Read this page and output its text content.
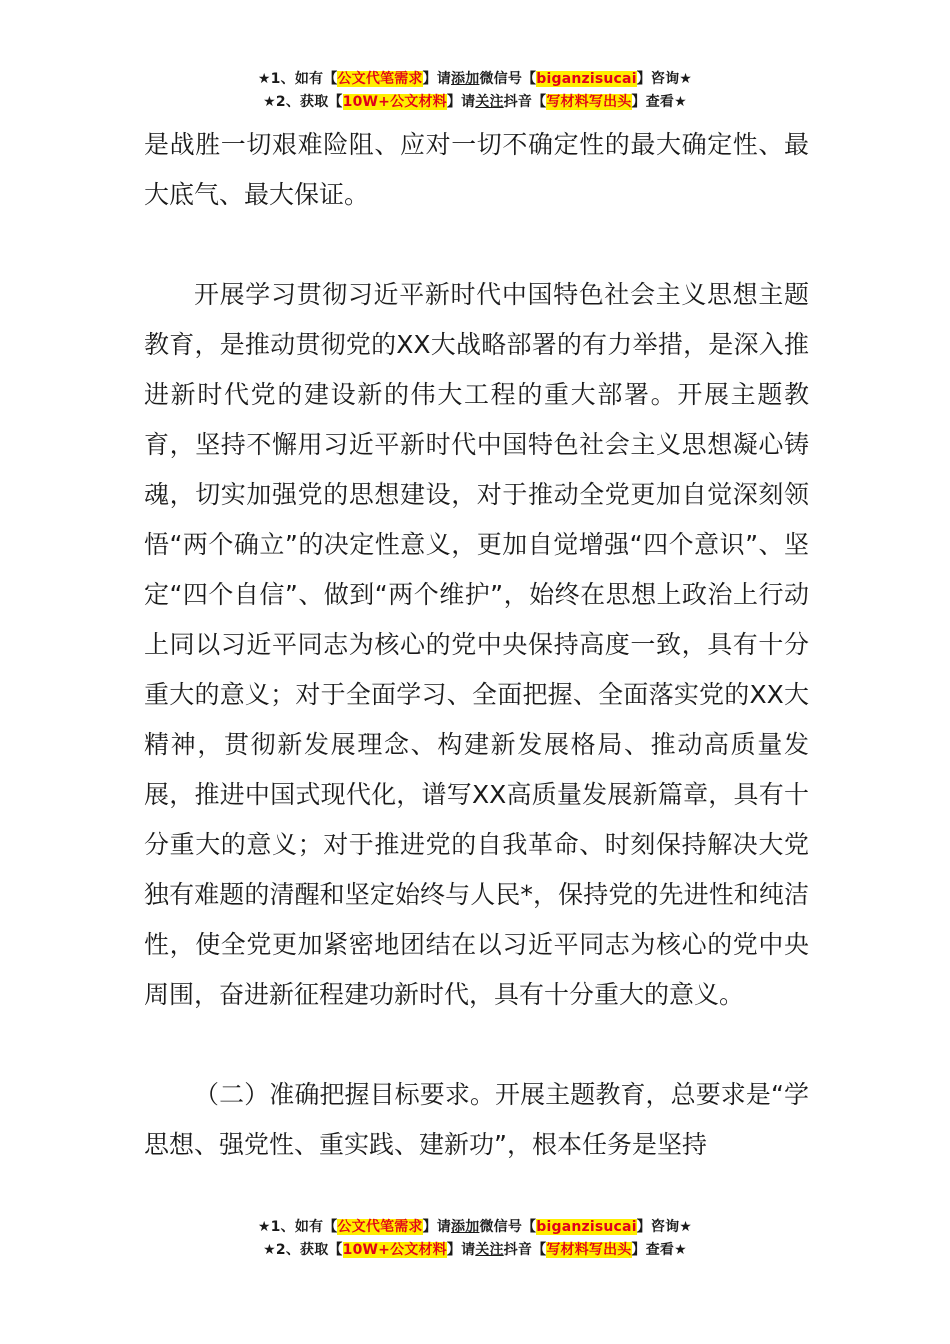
★1、如有【公文代笔需求】请添加微信号【biganzisucai】咨询★
★2、获取【10W+公文材料】请关注抖音【写材料写出头】查看★

是战胜一切艰难险阻、应对一切不确定性的最大确定性、最大底气、最大保证。

开展学习贯彻习近平新时代中国特色社会主义思想主题教育，是推动贯彻党的XX大战略部署的有力举措，是深入推进新时代党的建设新的伟大工程的重大部署。开展主题教育，坚持不懈用习近平新时代中国特色社会主义思想凝心铸魂，切实加强党的思想建设，对于推动全党更加自觉深刻领悟“两个确立”的决定性意义，更加自觉增强“四个意识”、坚定“四个自信”、做到“两个维护”，始终在思想上政治上行动上同以习近平同志为核心的党中央保持高度一致，具有十分重大的意义；对于全面学习、全面把握、全面落实党的XX大精神，贯彻新发展理念、构建新发展格局、推动高质量发展，推进中国式现代化，谱写XX高质量发展新篇章，具有十分重大的意义；对于推进党的自我革命、时刻保持解决大党独有难题的清醒和坚定始终与人民*，保持党的先进性和纯洁性，使全党更加紧密地团结在以习近平同志为核心的党中央周围，奋进新征程建功新时代，具有十分重大的意义。

（二）准确把握目标要求。开展主题教育，总要求是“学思想、强党性、重实践、建新功”，根本任务是坚持

★1、如有【公文代笔需求】请添加微信号【biganzisucai】咨询★
★2、获取【10W+公文材料】请关注抖音【写材料写出头】查看★
